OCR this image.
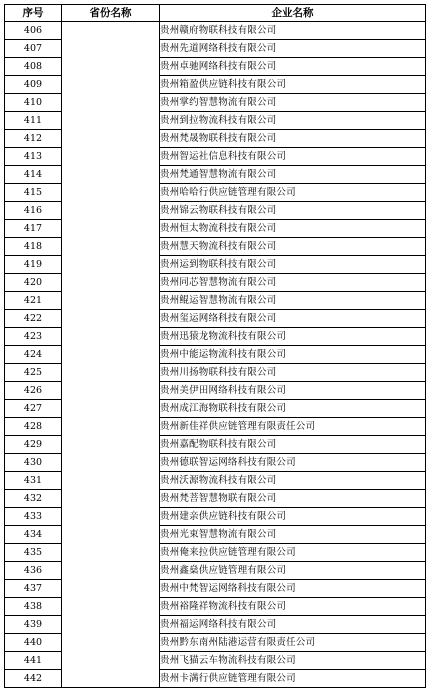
序号	省份名称	企业名称
406		贵州赣府物联科技有限公司
407		贵州先道网络科技有限公司
408		贵州卓驰网络科技有限公司
409		贵州箱盈供应链科技有限公司
410		贵州掌约智慧物流有限公司
411		贵州到拉物流科技有限公司
412		贵州梵晟物联科技有限公司
413		贵州智运社信息科技有限公司
414		贵州梵通智慧物流有限公司
415		贵州哈哈行供应链管理有限公司
416		贵州锦云物联科技有限公司
417		贵州恒太物流科技有限公司
418		贵州慧天物流科技有限公司
419		贵州运到物联科技有限公司
420		贵州同芯智慧物流有限公司
421		贵州鲲运智慧物流有限公司
422		贵州玺运网络科技有限公司
423		贵州迅猿龙物流科技有限公司
424		贵州中能运物流科技有限公司
425		贵州川扬物联科技有限公司
426		贵州美伊田网络科技有限公司
427		贵州成江海物联科技有限公司
428		贵州新佳祥供应链管理有限责任公司
429		贵州嘉配物联科技有限公司
430		贵州德联智运网络科技有限公司
431		贵州沃源物流科技有限公司
432		贵州梵菩智慧物联有限公司
433		贵州建亲供应链科技有限公司
434		贵州光束智慧物流有限公司
435		贵州俺来拉供应链管理有限公司
436		贵州鑫燊供应链管理有限公司
437		贵州中梵智运网络科技有限公司
438		贵州裕隆祥物流科技有限公司
439		贵州福运网络科技有限公司
440		贵州黔东南州陆港运营有限责任公司
441		贵州飞猫云车物流科技有限公司
442		贵州卡满行供应链管理有限公司
